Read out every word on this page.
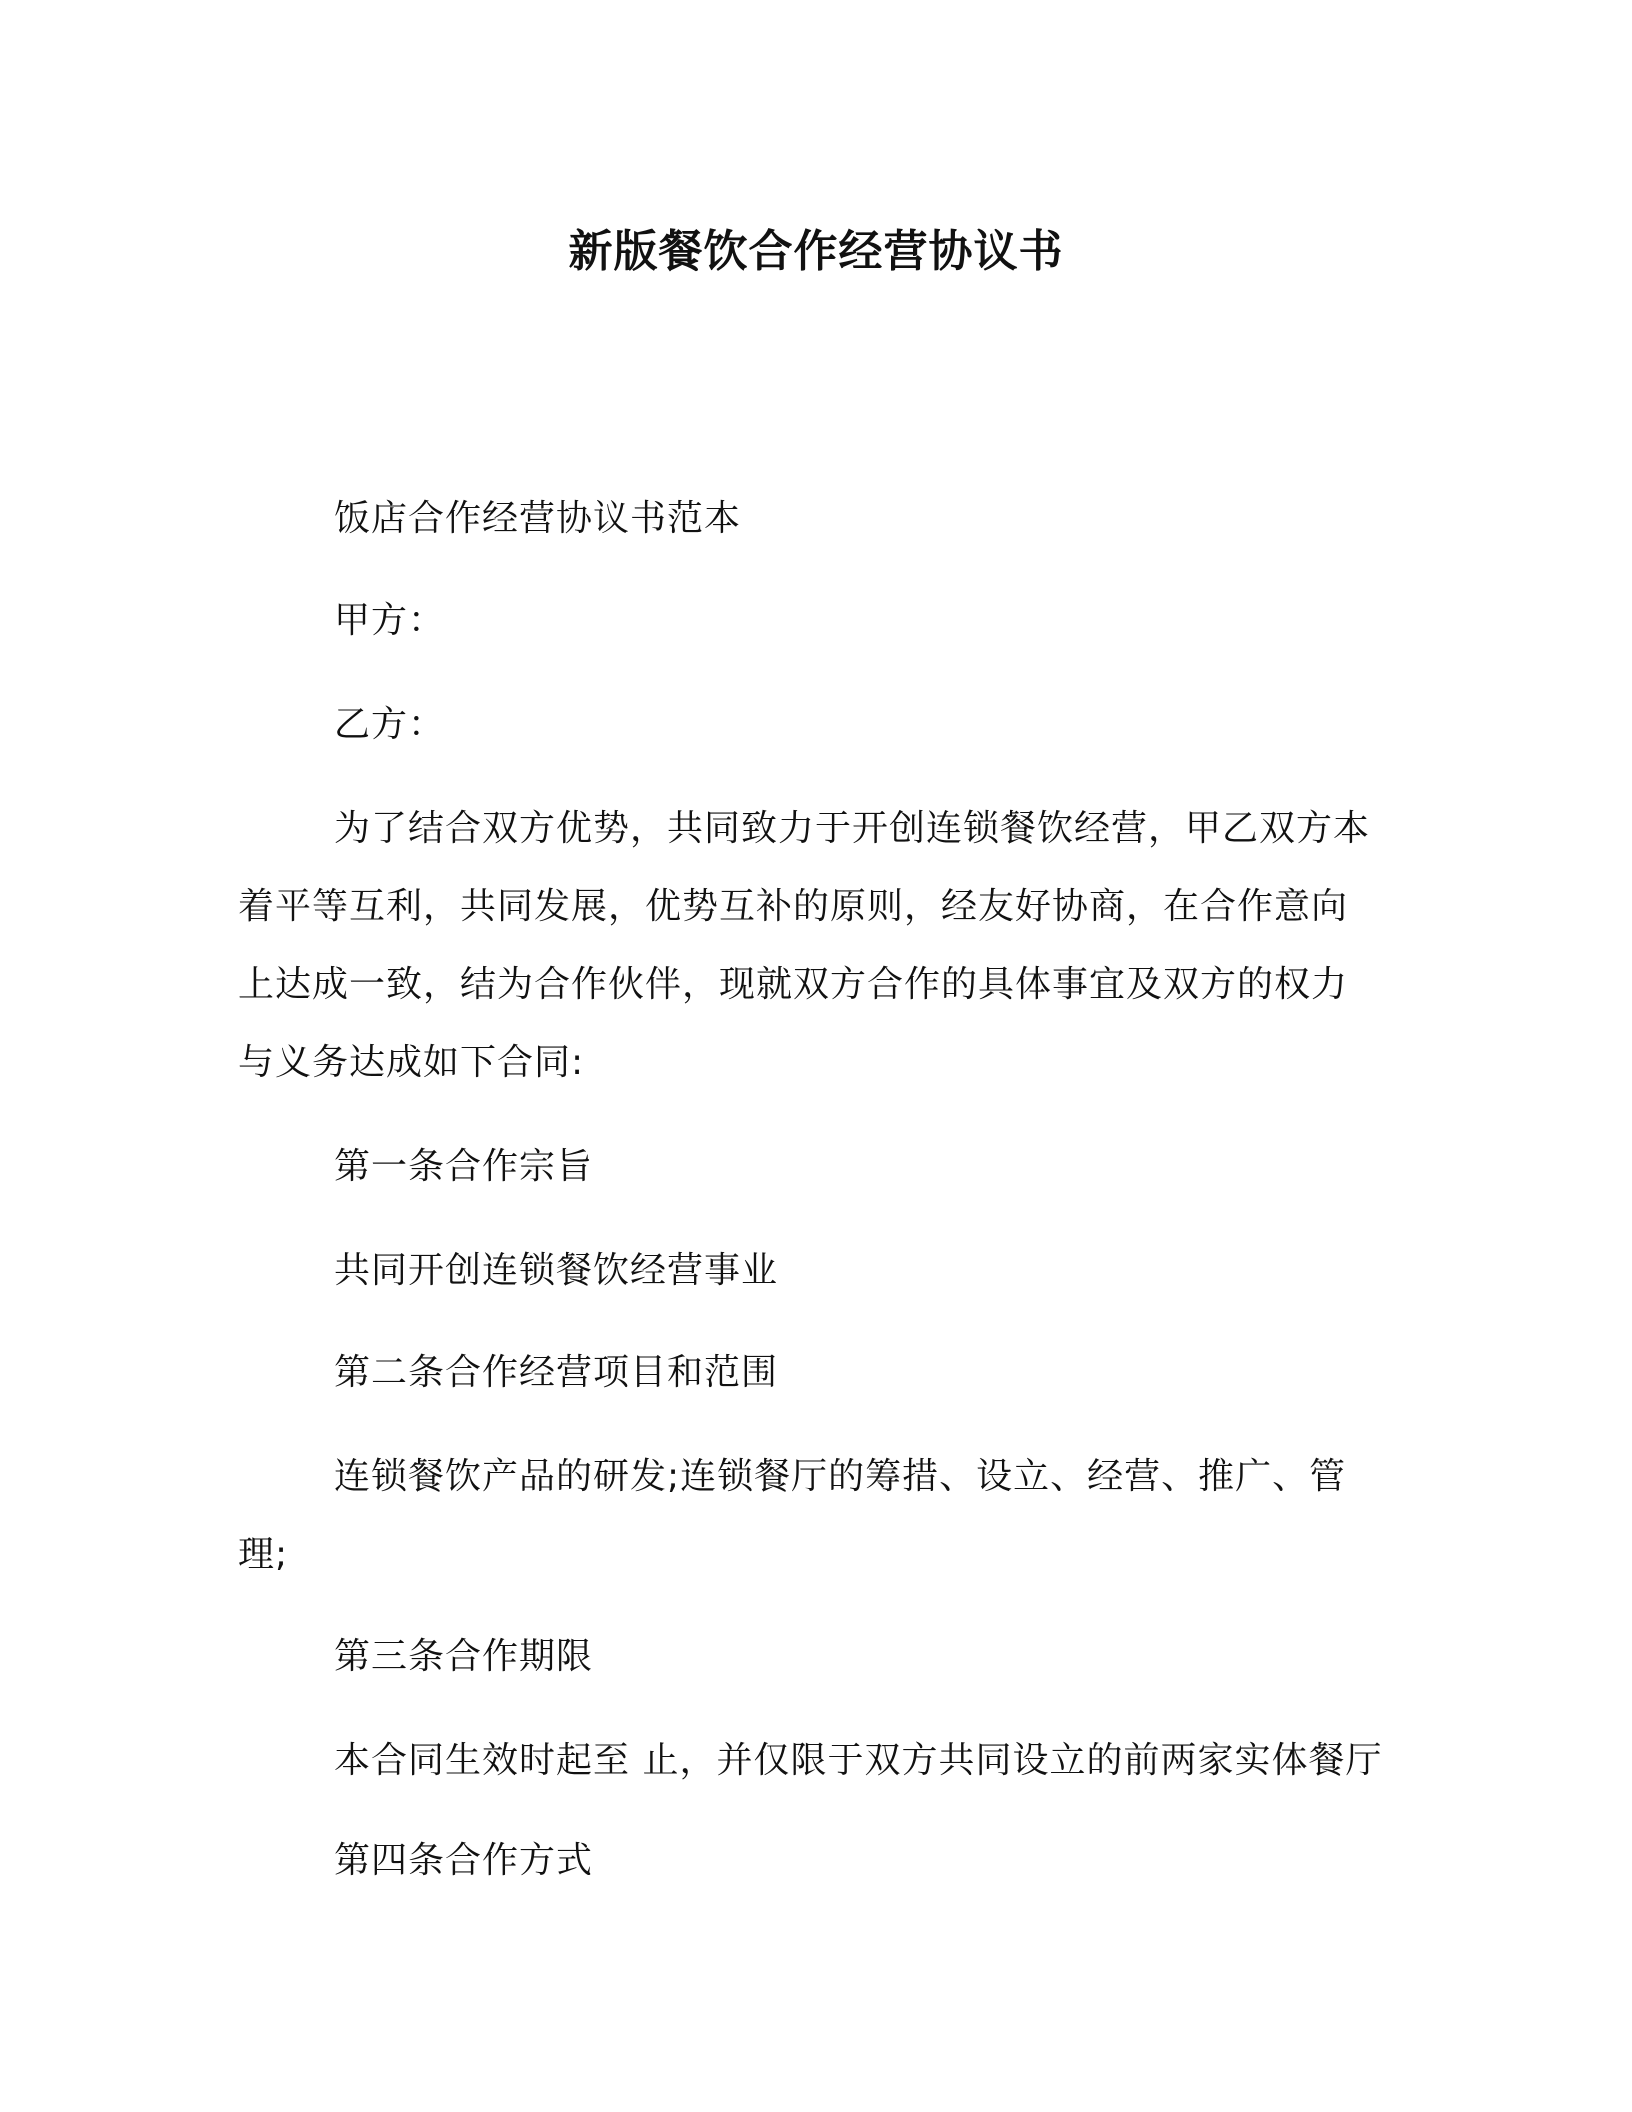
新版餐饮合作经营协议书

饭店合作经营协议书范本

甲方：

乙方：

为了结合双方优势，共同致力于开创连锁餐饮经营，甲乙双方本着平等互利，共同发展，优势互补的原则，经友好协商，在合作意向上达成一致，结为合作伙伴，现就双方合作的具体事宜及双方的权力与义务达成如下合同:

第一条合作宗旨

共同开创连锁餐饮经营事业

第二条合作经营项目和范围

连锁餐饮产品的研发;连锁餐厅的筹措、设立、经营、推广、管理;

第三条合作期限

本合同生效时起至 止，并仅限于双方共同设立的前两家实体餐厅

第四条合作方式
